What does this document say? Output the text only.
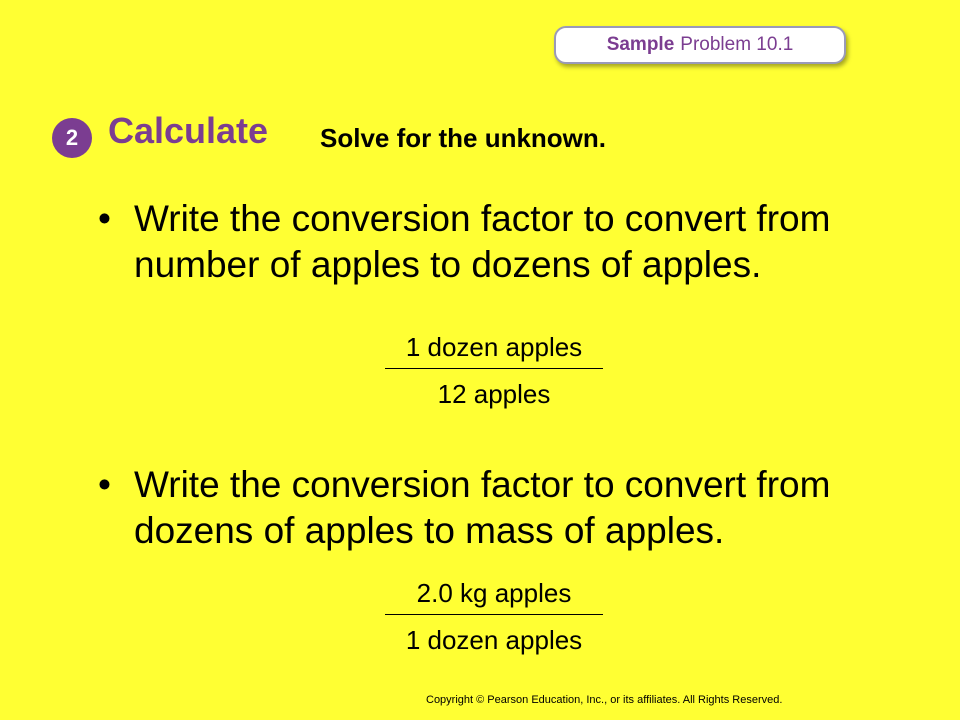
Sample Problem 10.1
2 Calculate Solve for the unknown.
• Write the conversion factor to convert from number of apples to dozens of apples.
1 dozen apples
12 apples
• Write the conversion factor to convert from dozens of apples to mass of apples.
2.0 kg apples
1 dozen apples
Copyright © Pearson Education, Inc., or its affiliates. All Rights Reserved.
